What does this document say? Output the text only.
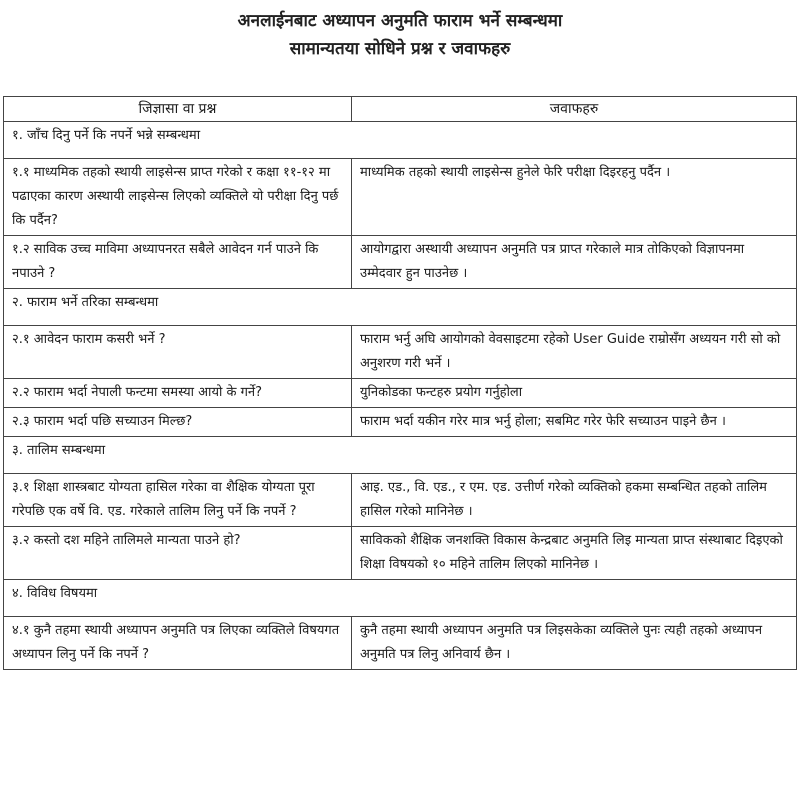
अनलाईनबाट अध्यापन अनुमति फाराम भर्ने सम्बन्धमा
सामान्यतया सोधिने प्रश्न र जवाफहरु
जिज्ञासा वा प्रश्न	जवाफहरु
१. जाँच दिनु पर्ने कि नपर्ने भन्ने सम्बन्धमा	
१.१ माध्यमिक तहको स्थायी लाइसेन्स प्राप्त गरेको र कक्षा ११-१२ मा पढाएका कारण अस्थायी लाइसेन्स लिएको व्यक्तिले यो परीक्षा दिनु पर्छ कि पर्दैन?	माध्यमिक तहको स्थायी लाइसेन्स हुनेले फेरि परीक्षा दिइरहनु पर्दैन ।
१.२ साविक उच्च माविमा अध्यापनरत सबैले आवेदन गर्न पाउने कि नपाउने ?	आयोगद्वारा अस्थायी अध्यापन अनुमति पत्र प्राप्त गरेकाले मात्र तोकिएको विज्ञापनमा उम्मेदवार हुन पाउनेछ ।
२. फाराम भर्ने तरिका सम्बन्धमा	
२.१ आवेदन फाराम कसरी भर्ने ?	फाराम भर्नु अघि आयोगको वेवसाइटमा रहेको User Guide राम्रोसँग अध्ययन गरी सो को अनुशरण गरी भर्ने ।
२.२ फाराम भर्दा नेपाली फन्टमा समस्या आयो के गर्ने?	युनिकोडका फन्टहरु प्रयोग गर्नुहोला
२.३ फाराम भर्दा पछि सच्याउन मिल्छ?	फाराम भर्दा यकीन गरेर मात्र भर्नु होला; सबमिट गरेर फेरि सच्याउन पाइने छैन ।
३. तालिम सम्बन्धमा	
३.१ शिक्षा शास्त्रबाट योग्यता हासिल गरेका वा शैक्षिक योग्यता पूरा गरेपछि एक वर्षे वि. एड. गरेकाले तालिम लिनु पर्ने कि नपर्ने ?	आइ. एड., वि. एड., र एम. एड. उत्तीर्ण गरेको व्यक्तिको हकमा सम्बन्धित तहको तालिम हासिल गरेको मानिनेछ ।
३.२ कस्तो दश महिने तालिमले मान्यता पाउने हो?	साविकको शैक्षिक जनशक्ति विकास केन्द्रबाट अनुमति लिइ मान्यता प्राप्त संस्थाबाट दिइएको शिक्षा विषयको १० महिने तालिम लिएको मानिनेछ ।
४. विविध विषयमा	
४.१ कुनै तहमा स्थायी अध्यापन अनुमति पत्र लिएका व्यक्तिले विषयगत अध्यापन लिनु पर्ने कि नपर्ने ?	कुनै तहमा स्थायी अध्यापन अनुमति पत्र लिइसकेका व्यक्तिले पुनः त्यही तहको अध्यापन अनुमति पत्र लिनु अनिवार्य छैन ।
